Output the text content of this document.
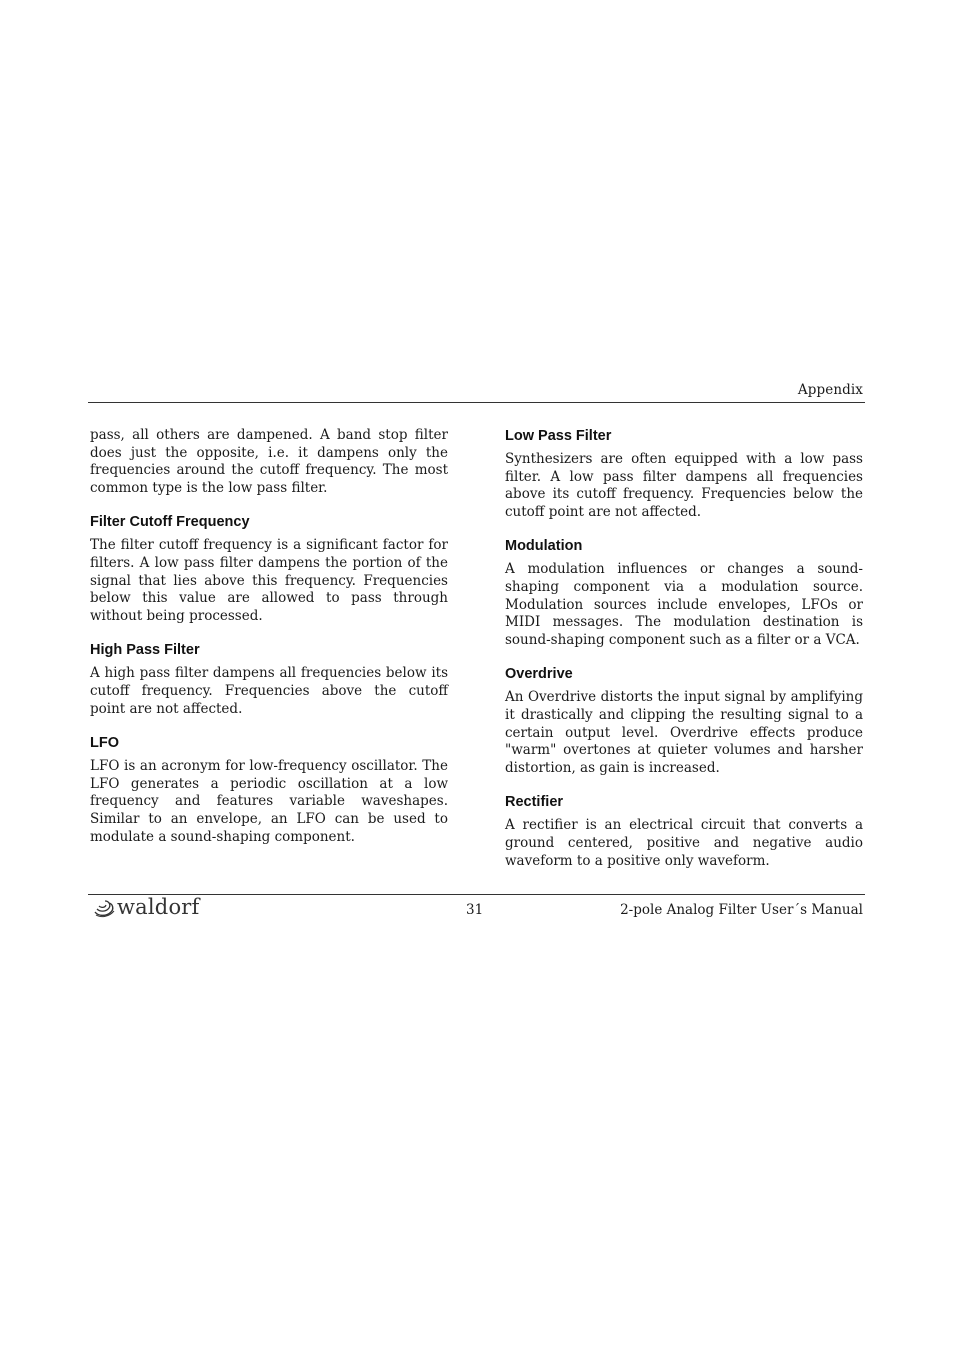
Appendix

pass, all others are dampened. A band stop filter does just the opposite, i.e. it dampens only the frequencies around the cutoff frequency. The most common type is the low pass filter.

Filter Cutoff Frequency

The filter cutoff frequency is a significant factor for filters. A low pass filter dampens the portion of the signal that lies above this frequency. Frequencies below this value are allowed to pass through without being processed.

High Pass Filter

A high pass filter dampens all frequencies below its cutoff frequency. Frequencies above the cutoff point are not affected.

LFO

LFO is an acronym for low-frequency oscillator. The LFO generates a periodic oscillation at a low frequency and features variable waveshapes. Similar to an envelope, an LFO can be used to modulate a sound-shaping component.

Low Pass Filter

Synthesizers are often equipped with a low pass filter. A low pass filter dampens all frequencies above its cutoff frequency. Frequencies below the cutoff point are not affected.

Modulation

A modulation influences or changes a sound-shaping component via a modulation source. Modulation sources include envelopes, LFOs or MIDI messages. The modulation destination is sound-shaping component such as a filter or a VCA.

Overdrive

An Overdrive distorts the input signal by amplifying it drastically and clipping the resulting signal to a certain output level. Overdrive effects produce "warm" overtones at quieter volumes and harsher distortion, as gain is increased.

Rectifier

A rectifier is an electrical circuit that converts a ground centered, positive and negative audio waveform to a positive only waveform.

waldorf	31	2-pole Analog Filter User´s Manual
